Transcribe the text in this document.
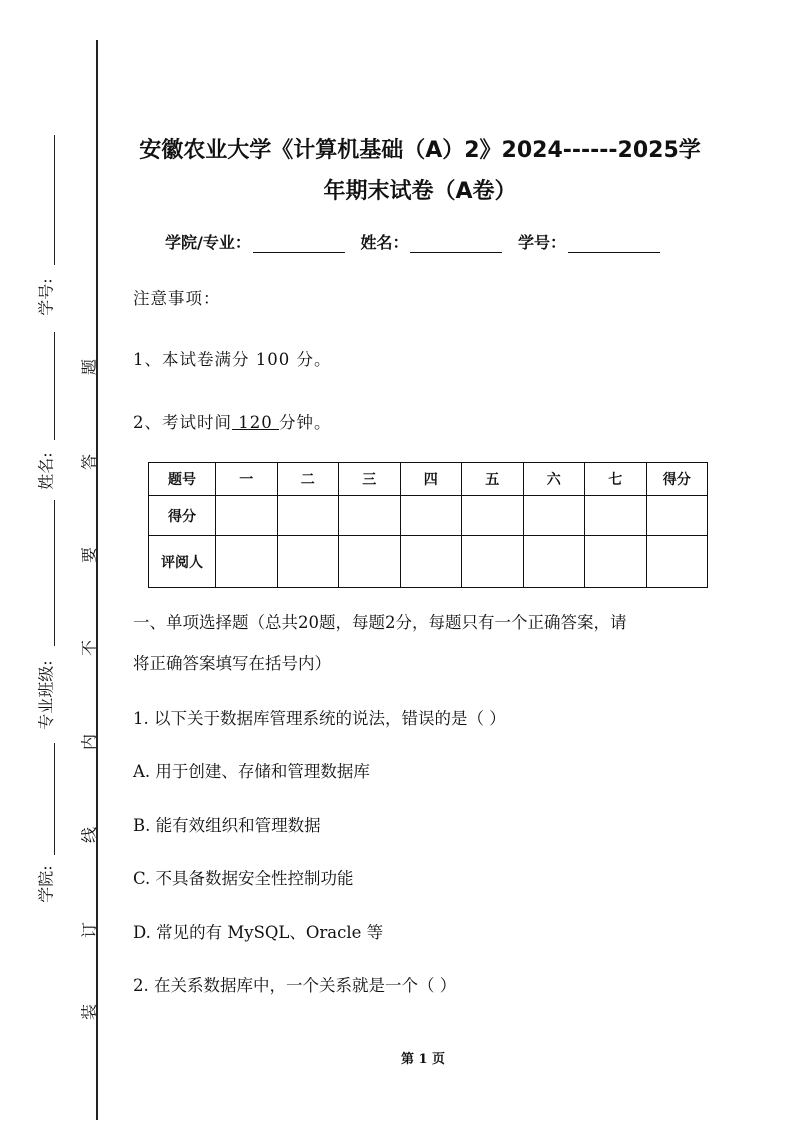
学号:
姓名:
专业班级:
学院:
题
答
要
不
内
线
订
装
安徽农业大学《计算机基础（A）2》2024------2025学
年期末试卷（A卷）
学院/专业：	姓名：	学号：
注意事项：
1、本试卷满分 100 分。
2、考试时间 120 分钟。
题号	一	二	三	四	五	六	七	得分
得分								
评阅人								
一、单项选择题（总共20题，每题2分，每题只有一个正确答案，请
将正确答案填写在括号内）
1. 以下关于数据库管理系统的说法，错误的是（ ）
A. 用于创建、存储和管理数据库
B. 能有效组织和管理数据
C. 不具备数据安全性控制功能
D. 常见的有 MySQL、Oracle 等
2. 在关系数据库中，一个关系就是一个（ ）
第 1 页
